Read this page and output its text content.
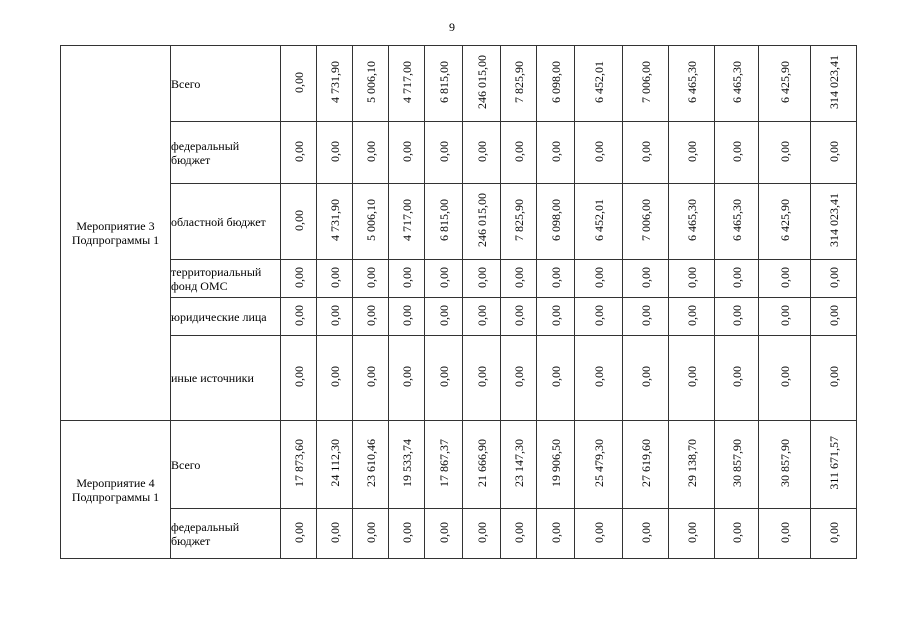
9
Мероприятие 3 Подпрограммы 1	Всего	0,00	4 731,90	5 006,10	4 717,00	6 815,00	246 015,00	7 825,90	6 098,00	6 452,01	7 006,00	6 465,30	6 465,30	6 425,90	314 023,41
	федеральный бюджет	0,00	0,00	0,00	0,00	0,00	0,00	0,00	0,00	0,00	0,00	0,00	0,00	0,00	0,00
	областной бюджет	0,00	4 731,90	5 006,10	4 717,00	6 815,00	246 015,00	7 825,90	6 098,00	6 452,01	7 006,00	6 465,30	6 465,30	6 425,90	314 023,41
	территориальный фонд ОМС	0,00	0,00	0,00	0,00	0,00	0,00	0,00	0,00	0,00	0,00	0,00	0,00	0,00	0,00
	юридические лица	0,00	0,00	0,00	0,00	0,00	0,00	0,00	0,00	0,00	0,00	0,00	0,00	0,00	0,00
	иные источники	0,00	0,00	0,00	0,00	0,00	0,00	0,00	0,00	0,00	0,00	0,00	0,00	0,00	0,00
Мероприятие 4 Подпрограммы 1	Всего	17 873,60	24 112,30	23 610,46	19 533,74	17 867,37	21 666,90	23 147,30	19 906,50	25 479,30	27 619,60	29 138,70	30 857,90	30 857,90	311 671,57
	федеральный бюджет	0,00	0,00	0,00	0,00	0,00	0,00	0,00	0,00	0,00	0,00	0,00	0,00	0,00	0,00
